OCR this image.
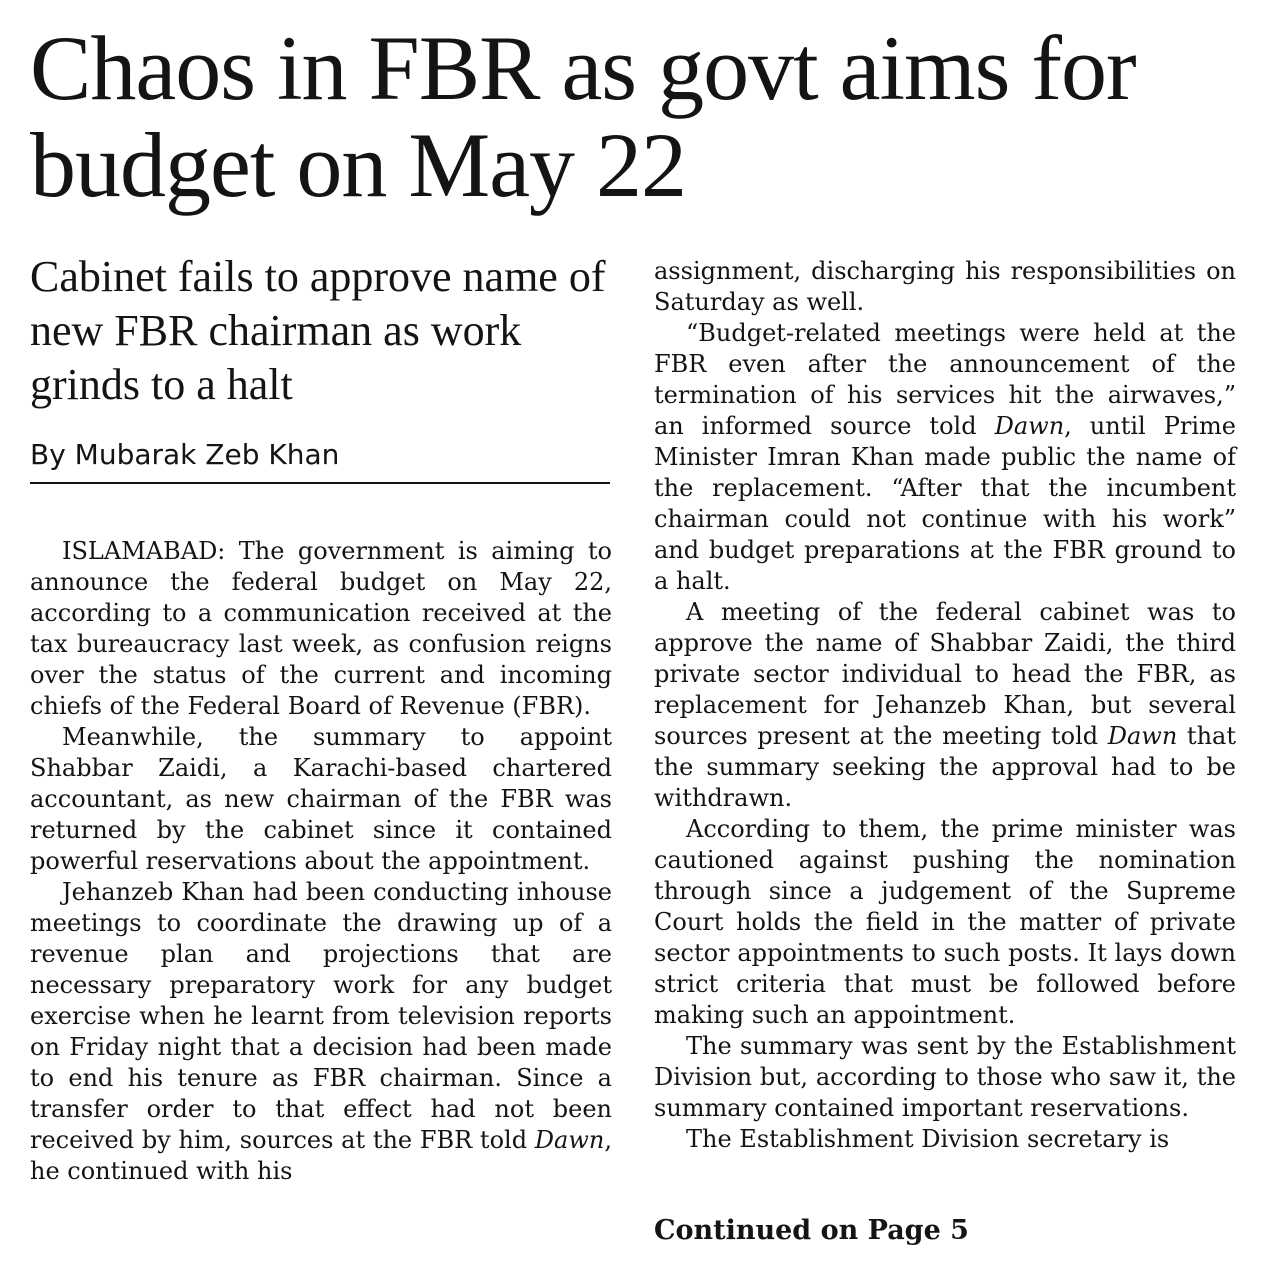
Chaos in FBR as govt aims for budget on May 22
Cabinet fails to approve name of new FBR chairman as work grinds to a halt
By Mubarak Zeb Khan

ISLAMABAD: The government is aiming to announce the federal budget on May 22, according to a communication received at the tax bureaucracy last week, as confusion reigns over the status of the current and incoming chiefs of the Federal Board of Revenue (FBR).

Meanwhile, the summary to appoint Shabbar Zaidi, a Karachi-based chartered accountant, as new chairman of the FBR was returned by the cabinet since it contained powerful reservations about the appointment.

Jehanzeb Khan had been conducting inhouse meetings to coordinate the drawing up of a revenue plan and projections that are necessary preparatory work for any budget exercise when he learnt from television reports on Friday night that a decision had been made to end his tenure as FBR chairman. Since a transfer order to that effect had not been received by him, sources at the FBR told Dawn, he continued with his

assignment, discharging his responsibilities on Saturday as well.

“Budget-related meetings were held at the FBR even after the announcement of the termination of his services hit the airwaves,” an informed source told Dawn, until Prime Minister Imran Khan made public the name of the replacement. “After that the incumbent chairman could not continue with his work” and budget preparations at the FBR ground to a halt.

A meeting of the federal cabinet was to approve the name of Shabbar Zaidi, the third private sector individual to head the FBR, as replacement for Jehanzeb Khan, but several sources present at the meeting told Dawn that the summary seeking the approval had to be withdrawn.

According to them, the prime minister was cautioned against pushing the nomination through since a judgement of the Supreme Court holds the field in the matter of private sector appointments to such posts. It lays down strict criteria that must be followed before making such an appointment.

The summary was sent by the Establishment Division but, according to those who saw it, the summary contained important reservations.

The Establishment Division secretary is

Continued on Page 5
